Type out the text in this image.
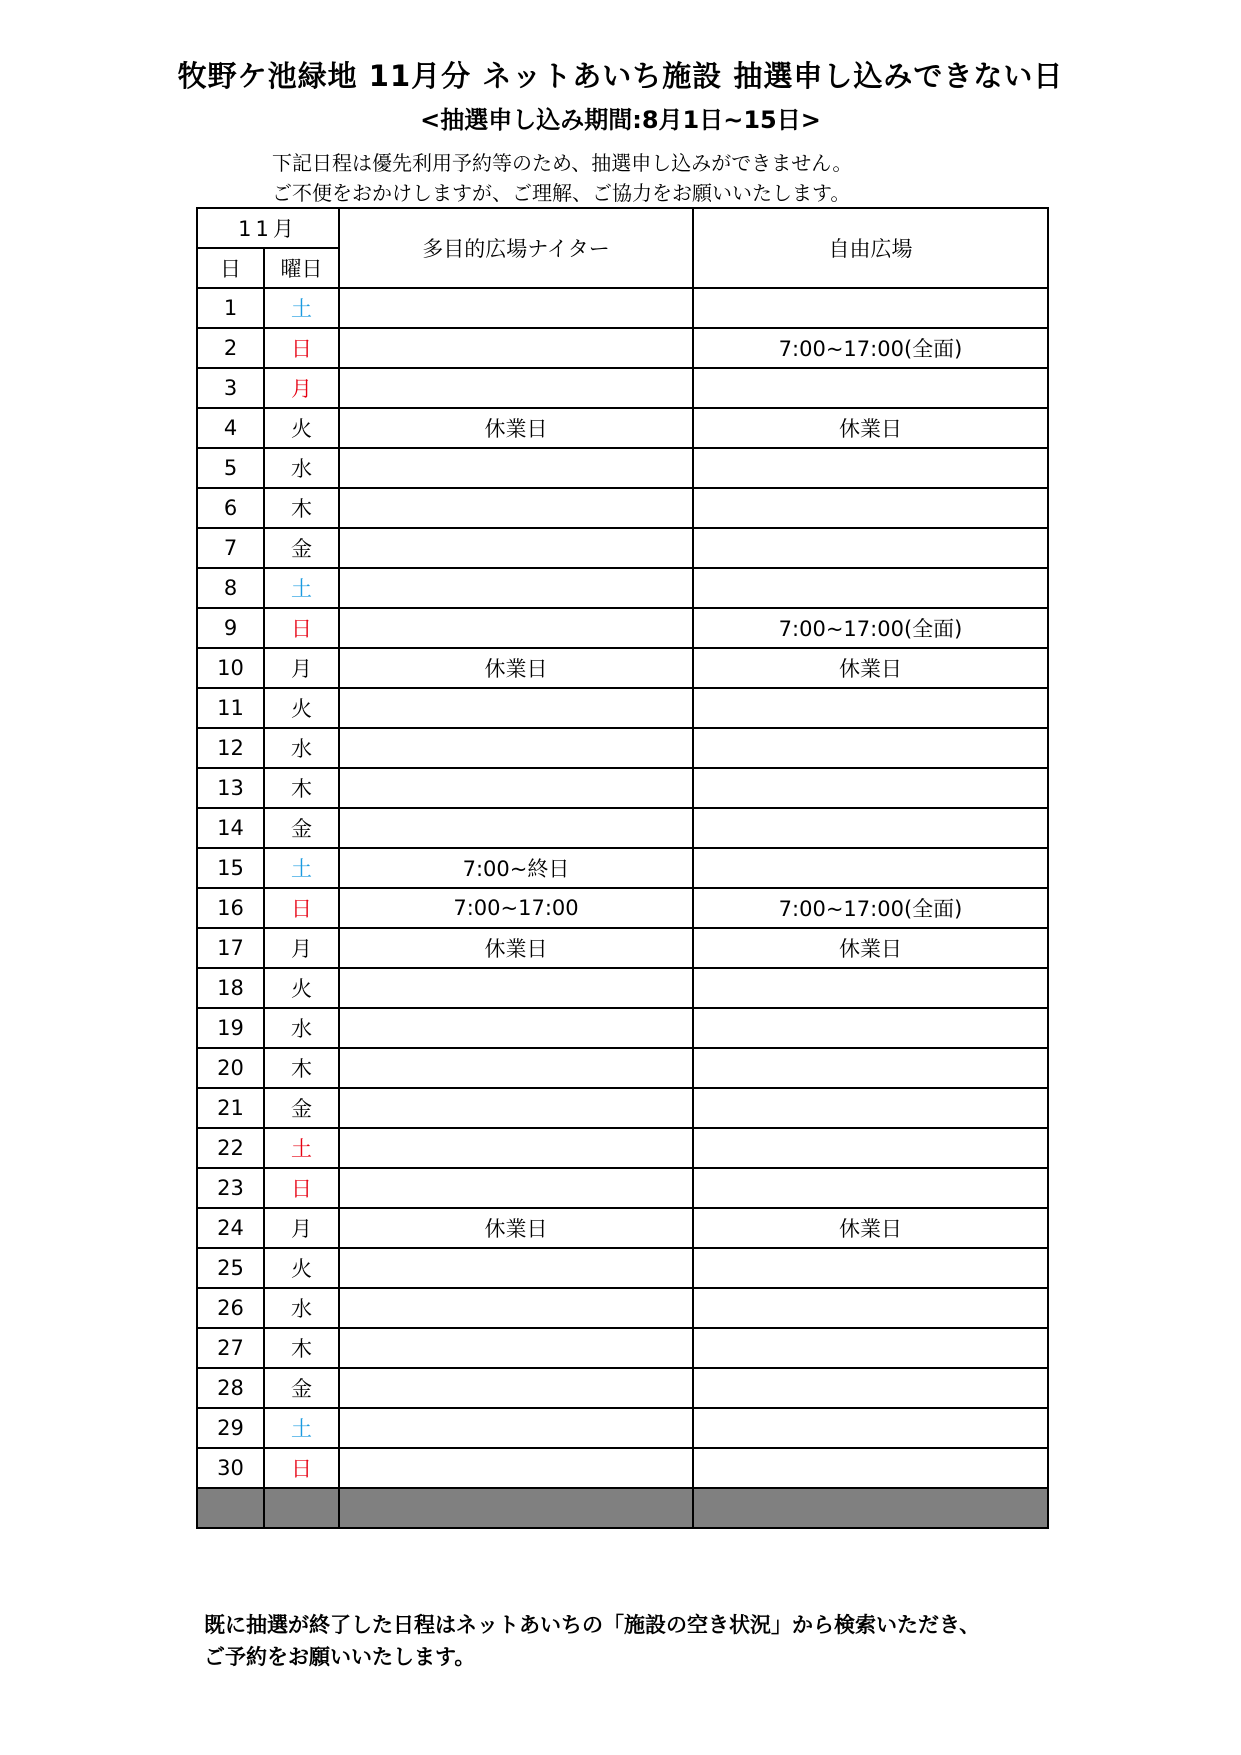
牧野ケ池緑地 11月分 ネットあいち施設 抽選申し込みできない日
<抽選申し込み期間:8月1日~15日>
下記日程は優先利用予約等のため、抽選申し込みができません。
ご不便をおかけしますが、ご理解、ご協力をお願いいたします。
11月		多目的広場ナイター	自由広場
日	曜日		
1	土		
2	日		7:00~17:00(全面)
3	月		
4	火	休業日	休業日
5	水		
6	木		
7	金		
8	土		
9	日		7:00~17:00(全面)
10	月	休業日	休業日
11	火		
12	水		
13	木		
14	金		
15	土	7:00~終日	
16	日	7:00~17:00	7:00~17:00(全面)
17	月	休業日	休業日
18	火		
19	水		
20	木		
21	金		
22	土		
23	日		
24	月	休業日	休業日
25	火		
26	水		
27	木		
28	金		
29	土		
30	日		

既に抽選が終了した日程はネットあいちの「施設の空き状況」から検索いただき、
ご予約をお願いいたします。
